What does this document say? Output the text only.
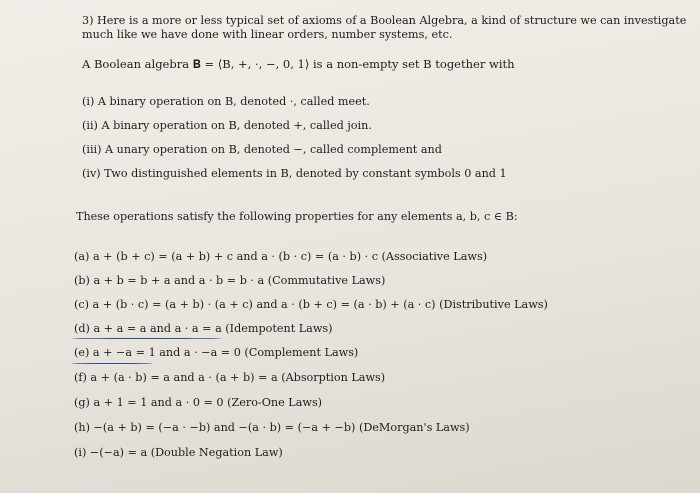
3) Here is a more or less typical set of axioms of a Boolean Algebra, a kind of structure we can investigate
much like we have done with linear orders, number systems, etc.
A Boolean algebra 𝐁 = ⟨B, +, ·, −, 0, 1⟩ is a non-empty set B together with
(i) A binary operation on B, denoted ·, called meet.
(ii) A binary operation on B, denoted +, called join.
(iii) A unary operation on B, denoted −, called complement and
(iv) Two distinguished elements in B, denoted by constant symbols 0 and 1
These operations satisfy the following properties for any elements a, b, c ∈ B:
(a) a + (b + c) = (a + b) + c and a · (b · c) = (a · b) · c (Associative Laws)
(b) a + b = b + a and a · b = b · a (Commutative Laws)
(c) a + (b · c) = (a + b) · (a + c) and a · (b + c) = (a · b) + (a · c) (Distributive Laws)
(d) a + a = a and a · a = a (Idempotent Laws)
(e) a + −a = 1 and a · −a = 0 (Complement Laws)
(f) a + (a · b) = a and a · (a + b) = a (Absorption Laws)
(g) a + 1 = 1 and a · 0 = 0 (Zero-One Laws)
(h) −(a + b) = (−a · −b) and −(a · b) = (−a + −b) (DeMorgan's Laws)
(i) −(−a) = a (Double Negation Law)
